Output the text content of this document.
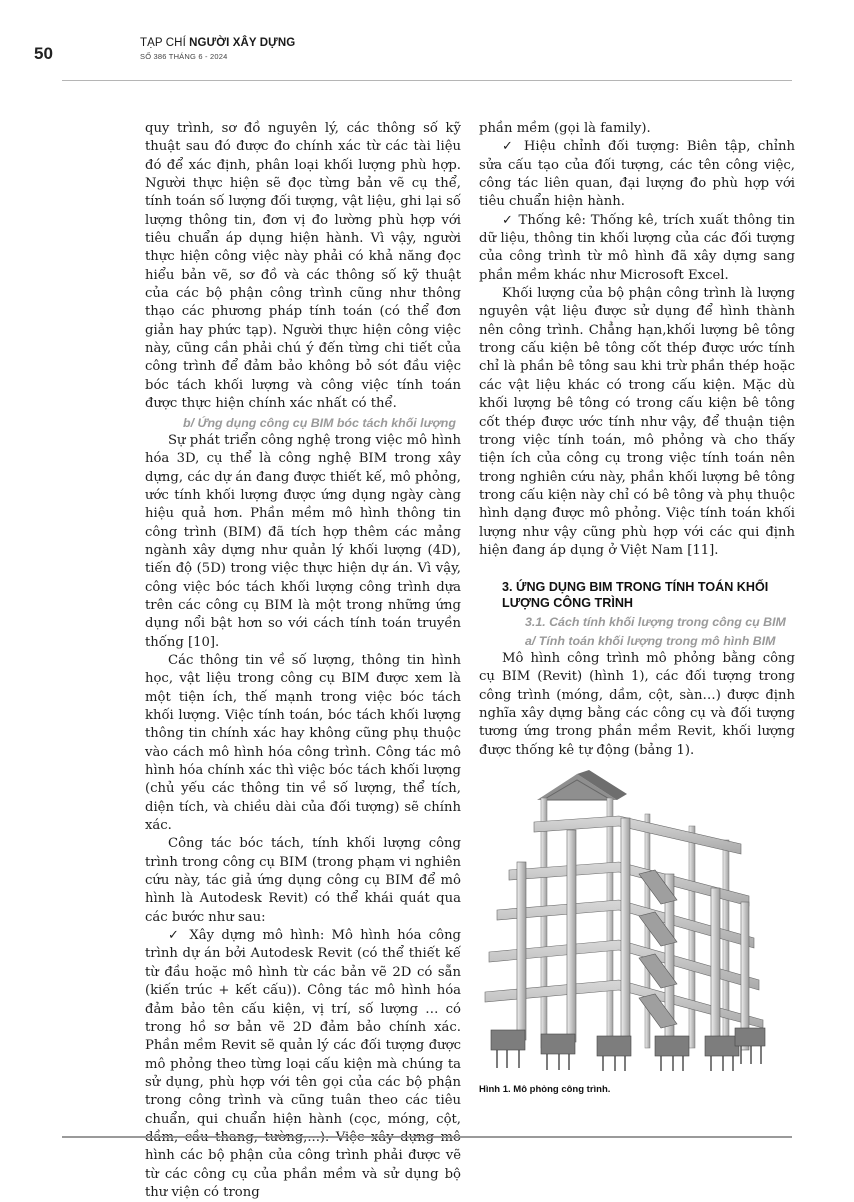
50
TẠP CHÍ NGƯỜI XÂY DỰNG
SỐ 386 THÁNG 6 - 2024

quy trình, sơ đồ nguyên lý, các thông số kỹ thuật sau đó được đo chính xác từ các tài liệu đó để xác định, phân loại khối lượng phù hợp. Người thực hiện sẽ đọc từng bản vẽ cụ thể, tính toán số lượng đối tượng, vật liệu, ghi lại số lượng thông tin, đơn vị đo lường phù hợp với tiêu chuẩn áp dụng hiện hành. Vì vậy, người thực hiện công việc này phải có khả năng đọc hiểu bản vẽ, sơ đồ và các thông số kỹ thuật của các bộ phận công trình cũng như thông thạo các phương pháp tính toán (có thể đơn giản hay phức tạp). Người thực hiện công việc này, cũng cần phải chú ý đến từng chi tiết của công trình để đảm bảo không bỏ sót đầu việc bóc tách khối lượng và công việc tính toán được thực hiện chính xác nhất có thể.

b/ Ứng dụng công cụ BIM bóc tách khối lượng

Sự phát triển công nghệ trong việc mô hình hóa 3D, cụ thể là công nghệ BIM trong xây dựng, các dự án đang được thiết kế, mô phỏng, ước tính khối lượng được ứng dụng ngày càng hiệu quả hơn. Phần mềm mô hình thông tin công trình (BIM) đã tích hợp thêm các mảng ngành xây dựng như quản lý khối lượng (4D), tiến độ (5D) trong việc thực hiện dự án. Vì vậy, công việc bóc tách khối lượng công trình dựa trên các công cụ BIM là một trong những ứng dụng nổi bật hơn so với cách tính toán truyền thống [10].

Các thông tin về số lượng, thông tin hình học, vật liệu trong công cụ BIM được xem là một tiện ích, thế mạnh trong việc bóc tách khối lượng. Việc tính toán, bóc tách khối lượng thông tin chính xác hay không cũng phụ thuộc vào cách mô hình hóa công trình. Công tác mô hình hóa chính xác thì việc bóc tách khối lượng (chủ yếu các thông tin về số lượng, thể tích, diện tích, và chiều dài của đối tượng) sẽ chính xác.

Công tác bóc tách, tính khối lượng công trình trong công cụ BIM (trong phạm vi nghiên cứu này, tác giả ứng dụng công cụ BIM để mô hình là Autodesk Revit) có thể khái quát qua các bước như sau:

✓ Xây dựng mô hình: Mô hình hóa công trình dự án bởi Autodesk Revit (có thể thiết kế từ đầu hoặc mô hình từ các bản vẽ 2D có sẵn (kiến trúc + kết cấu)). Công tác mô hình hóa đảm bảo tên cấu kiện, vị trí, số lượng … có trong hồ sơ bản vẽ 2D đảm bảo chính xác. Phần mềm Revit sẽ quản lý các đối tượng được mô phỏng theo từng loại cấu kiện mà chúng ta sử dụng, phù hợp với tên gọi của các bộ phận trong công trình và cũng tuân theo các tiêu chuẩn, qui chuẩn hiện hành (cọc, móng, cột, hình các bộ phận của công trình phải được vẽ từ các công cụ của phần mềm và sử dụng bộ thư viện có trong

phần mềm (gọi là family).

✓ Hiệu chỉnh đối tượng: Biên tập, chỉnh sửa cấu tạo của đối tượng, các tên công việc, công tác liên quan, đại lượng đo phù hợp với tiêu chuẩn hiện hành.

✓ Thống kê: Thống kê, trích xuất thông tin dữ liệu, thông tin khối lượng của các đối tượng của công trình từ mô hình đã xây dựng sang phần mềm khác như Microsoft Excel.

Khối lượng của bộ phận công trình là lượng nguyên vật liệu được sử dụng để hình thành nên công trình. Chẳng hạn,khối lượng bê tông trong cấu kiện bê tông cốt thép được ước tính chỉ là phần bê tông sau khi trừ phần thép hoặc các vật liệu khác có trong cấu kiện. Mặc dù khối lượng bê tông có trong cấu kiện bê tông cốt thép được ước tính như vậy, để thuận tiện trong việc tính toán, mô phỏng và cho thấy tiện ích của công cụ trong việc tính toán nên trong nghiên cứu này, phần khối lượng bê tông trong cấu kiện này chỉ có bê tông và phụ thuộc hình dạng được mô phỏng. Việc tính toán khối lượng như vậy cũng phù hợp với các qui định hiện đang áp dụng ở Việt Nam [11].

3. ỨNG DỤNG BIM TRONG TÍNH TOÁN KHỐI LƯỢNG CÔNG TRÌNH

3.1. Cách tính khối lượng trong công cụ BIM

a/ Tính toán khối lượng trong mô hình BIM

Mô hình công trình mô phỏng bằng công cụ BIM (Revit) (hình 1), các đối tượng trong công trình (móng, dầm, cột, sàn…) được định nghĩa xây dựng bằng các công cụ và đối tượng tương ứng trong phần mềm Revit, khối lượng được thống kê tự động (bảng 1).

Hình 1. Mô phỏng công trình.
